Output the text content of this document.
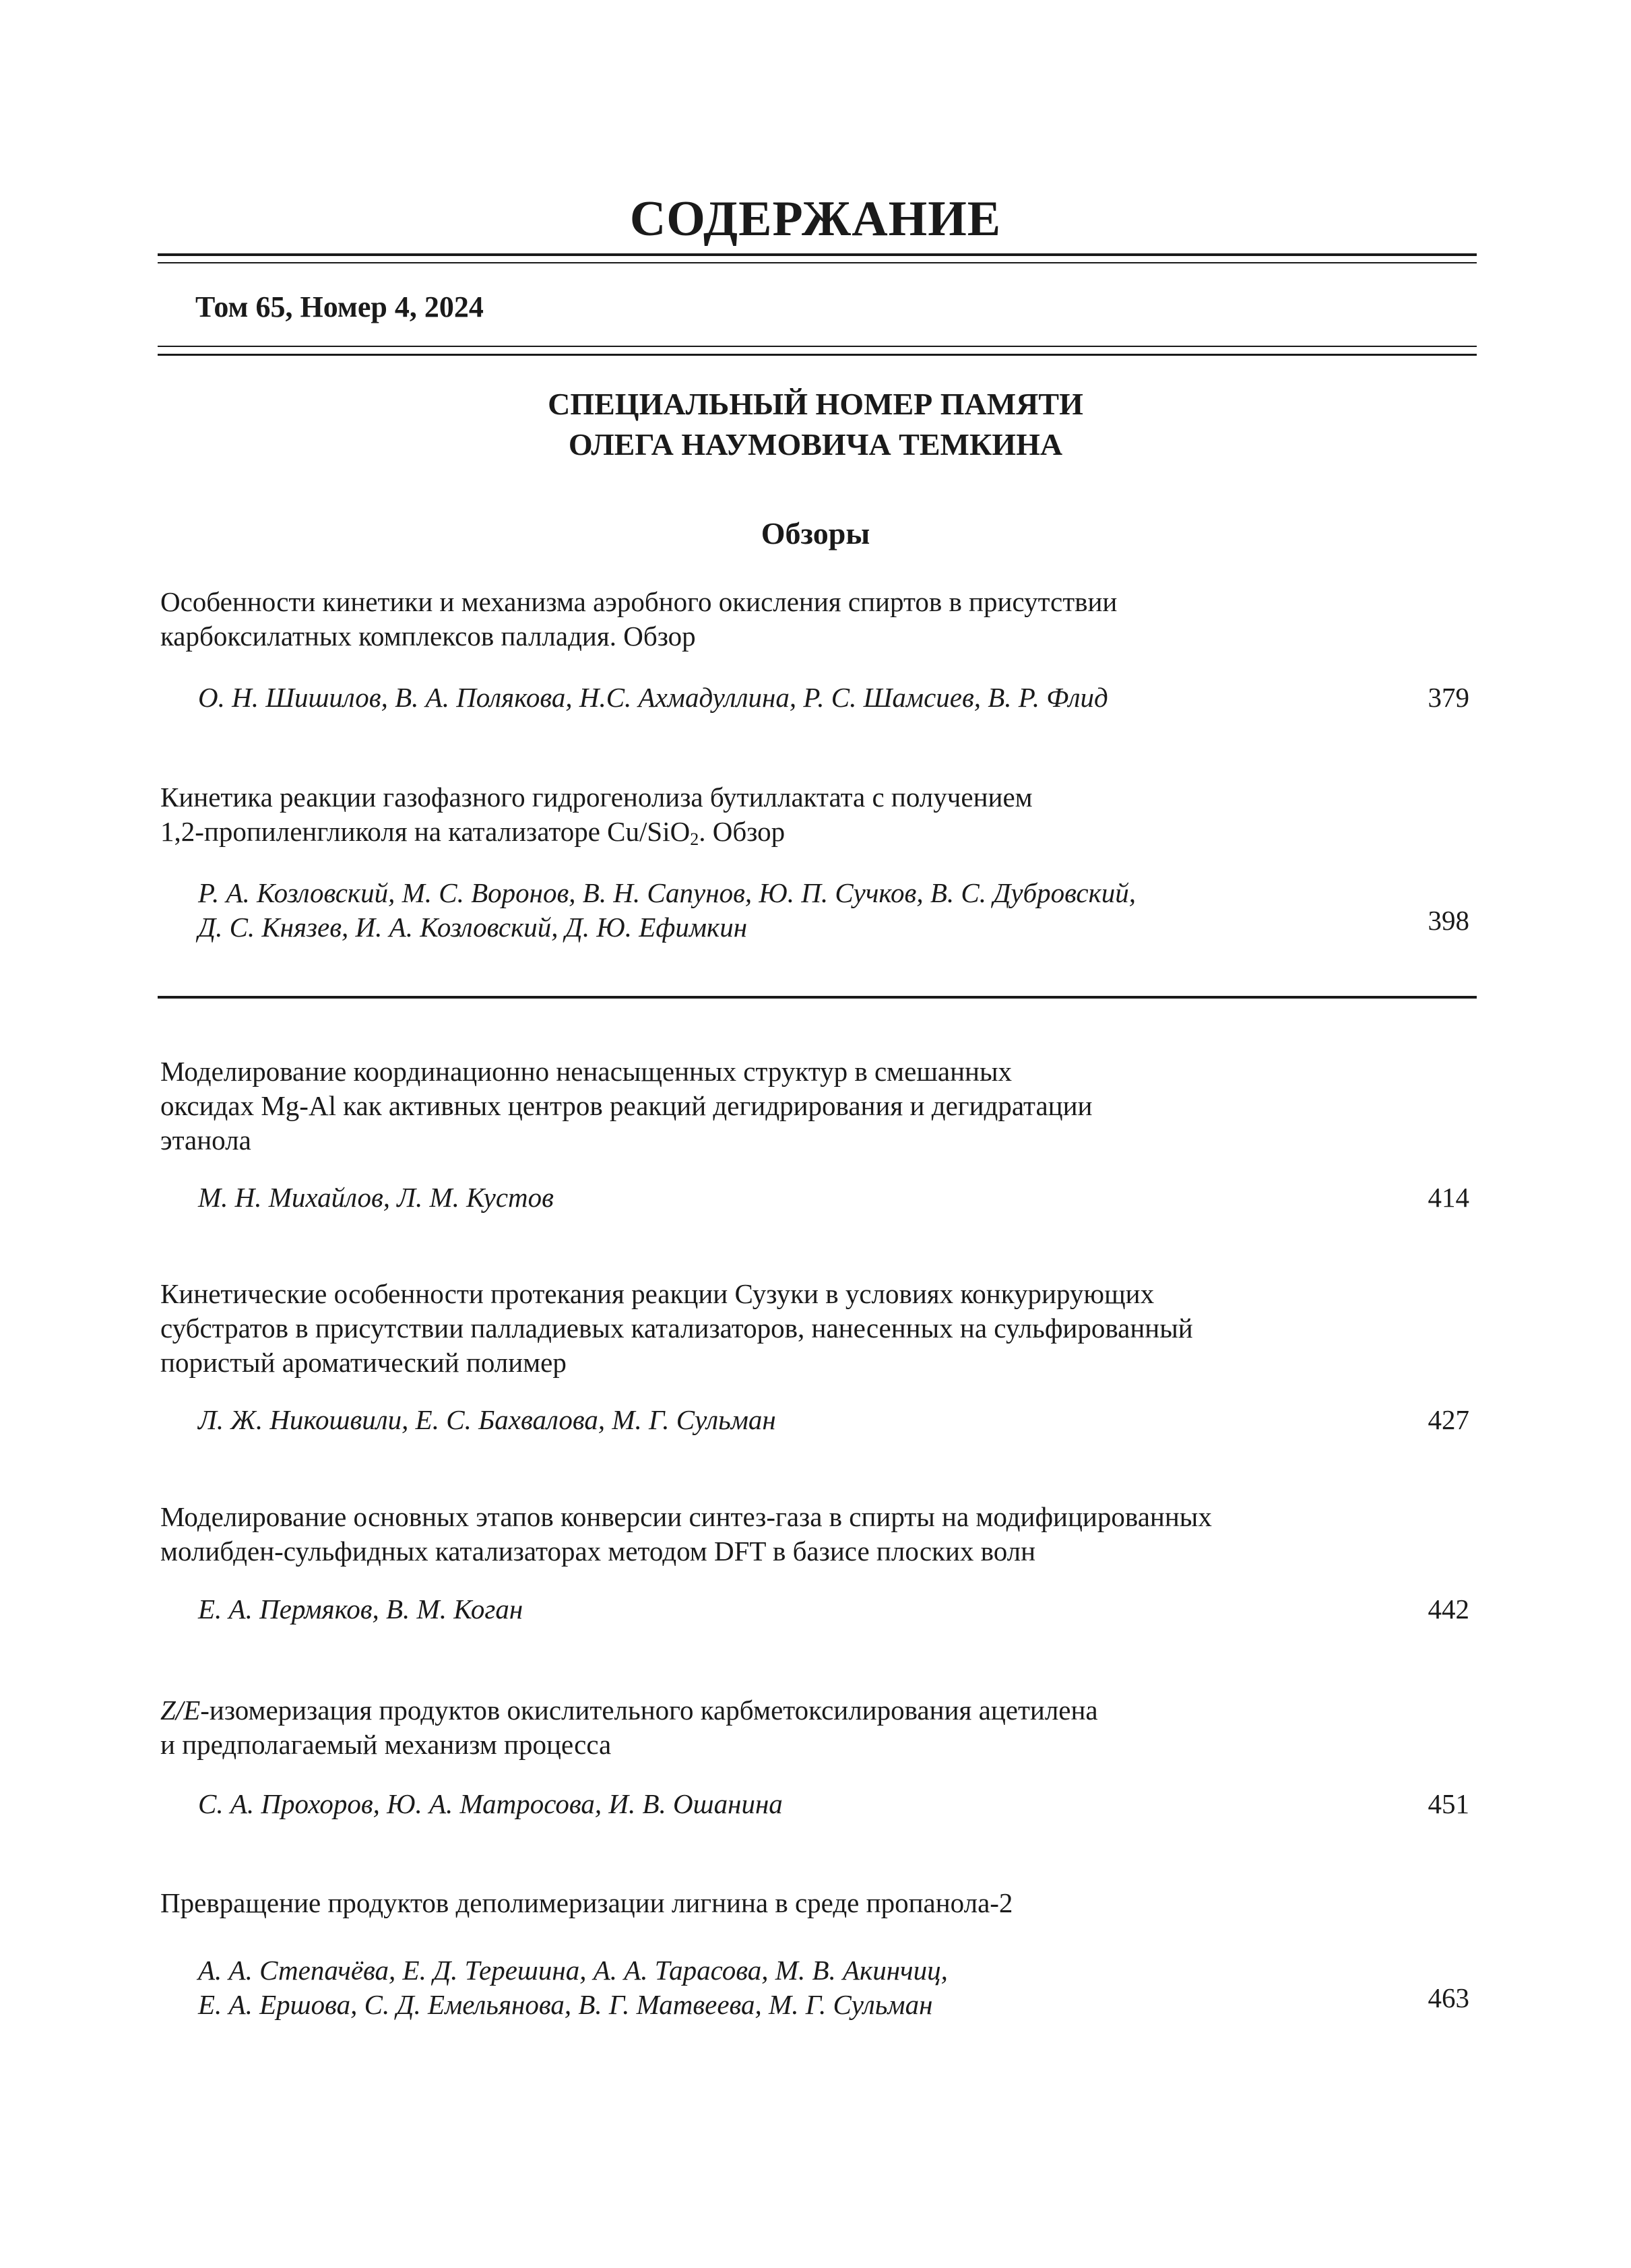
СОДЕРЖАНИЕ
Том 65, Номер 4, 2024
СПЕЦИАЛЬНЫЙ НОМЕР ПАМЯТИ
ОЛЕГА НАУМОВИЧА ТЕМКИНА
Обзоры
Особенности кинетики и механизма аэробного окисления спиртов в присутствии
карбоксилатных комплексов палладия. Обзор
О. Н. Шишилов, В. А. Полякова, Н.С. Ахмадуллина, Р. С. Шамсиев, В. Р. Флид	379
Кинетика реакции газофазного гидрогенолиза бутиллактата с получением
1,2-пропиленгликоля на катализаторе Cu/SiO$_2$. Обзор
Р. А. Козловский, М. С. Воронов, В. Н. Сапунов, Ю. П. Сучков, В. С. Дубровский,
Д. С. Князев, И. А. Козловский, Д. Ю. Ефимкин	398
Моделирование координационно ненасыщенных структур в смешанных
оксидах Mg-Al как активных центров реакций дегидрирования и дегидратации
этанола
М. Н. Михайлов, Л. М. Кустов	414
Кинетические особенности протекания реакции Сузуки в условиях конкурирующих
субстратов в присутствии палладиевых катализаторов, нанесенных на сульфированный
пористый ароматический полимер
Л. Ж. Никошвили, Е. С. Бахвалова, М. Г. Сульман	427
Моделирование основных этапов конверсии синтез-газа в спирты на модифицированных
молибден-сульфидных катализаторах методом DFT в базисе плоских волн
Е. А. Пермяков, В. М. Коган	442
Z/E-изомеризация продуктов окислительного карбметоксилирования ацетилена
и предполагаемый механизм процесса
С. А. Прохоров, Ю. А. Матросова, И. В. Ошанина	451
Превращение продуктов деполимеризации лигнина в среде пропанола-2
А. А. Степачёва, Е. Д. Терешина, А. А. Тарасова, М. В. Акинчиц,
Е. А. Ершова, С. Д. Емельянова, В. Г. Матвеева, М. Г. Сульман	463
